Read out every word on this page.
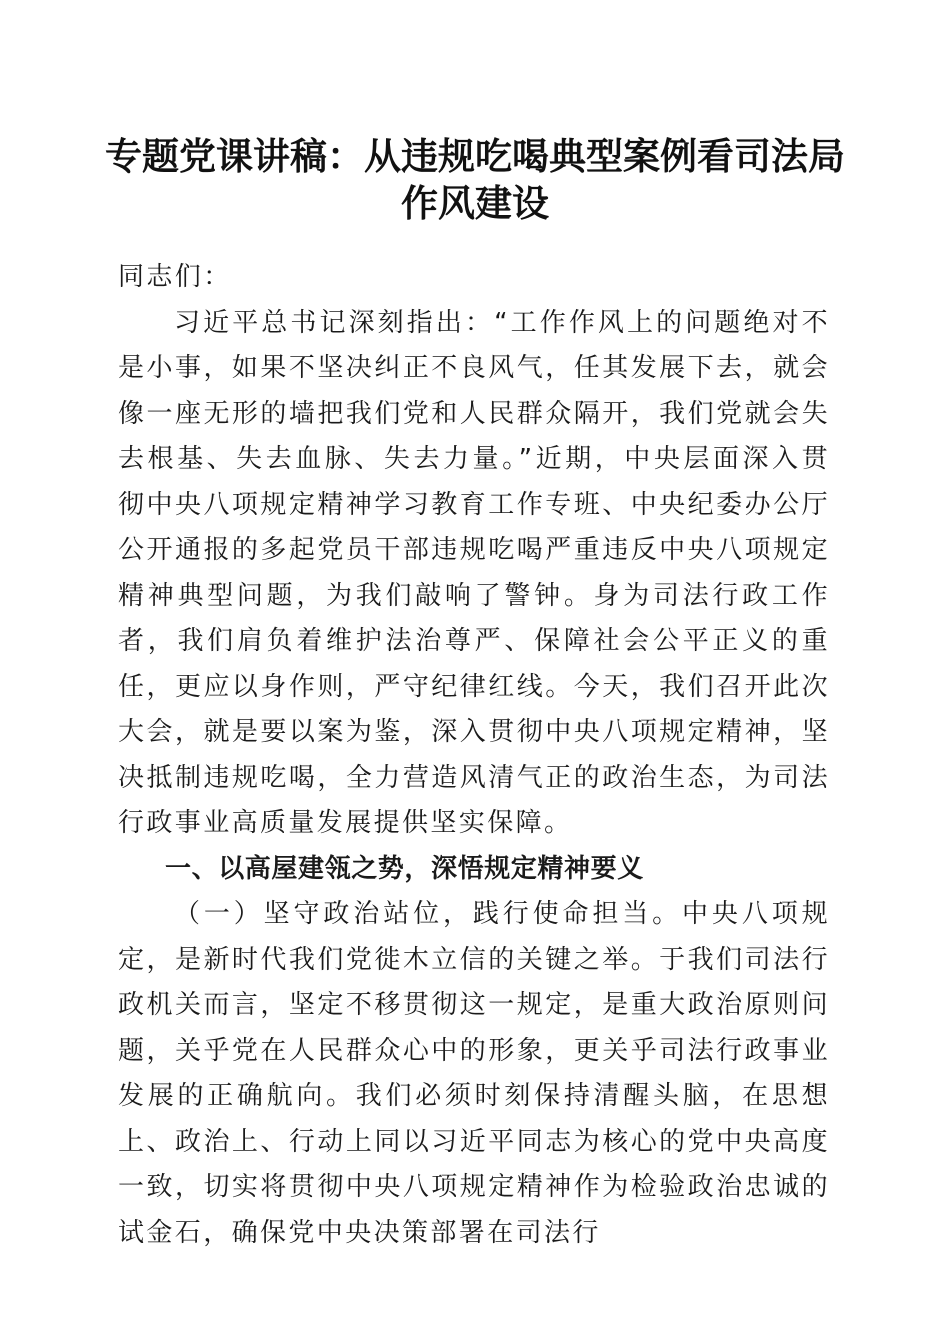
专题党课讲稿：从违规吃喝典型案例看司法局
作风建设

同志们：

习近平总书记深刻指出：“工作作风上的问题绝对不是小事，如果不坚决纠正不良风气，任其发展下去，就会像一座无形的墙把我们党和人民群众隔开，我们党就会失去根基、失去血脉、失去力量。”近期，中央层面深入贯彻中央八项规定精神学习教育工作专班、中央纪委办公厅公开通报的多起党员干部违规吃喝严重违反中央八项规定精神典型问题，为我们敲响了警钟。身为司法行政工作者，我们肩负着维护法治尊严、保障社会公平正义的重任，更应以身作则，严守纪律红线。今天，我们召开此次大会，就是要以案为鉴，深入贯彻中央八项规定精神，坚决抵制违规吃喝，全力营造风清气正的政治生态，为司法行政事业高质量发展提供坚实保障。

一、以高屋建瓴之势，深悟规定精神要义

（一）坚守政治站位，践行使命担当。中央八项规定，是新时代我们党徙木立信的关键之举。于我们司法行政机关而言，坚定不移贯彻这一规定，是重大政治原则问题，关乎党在人民群众心中的形象，更关乎司法行政事业发展的正确航向。我们必须时刻保持清醒头脑，在思想上、政治上、行动上同以习近平同志为核心的党中央高度一致，切实将贯彻中央八项规定精神作为检验政治忠诚的试金石，确保党中央决策部署在司法行
